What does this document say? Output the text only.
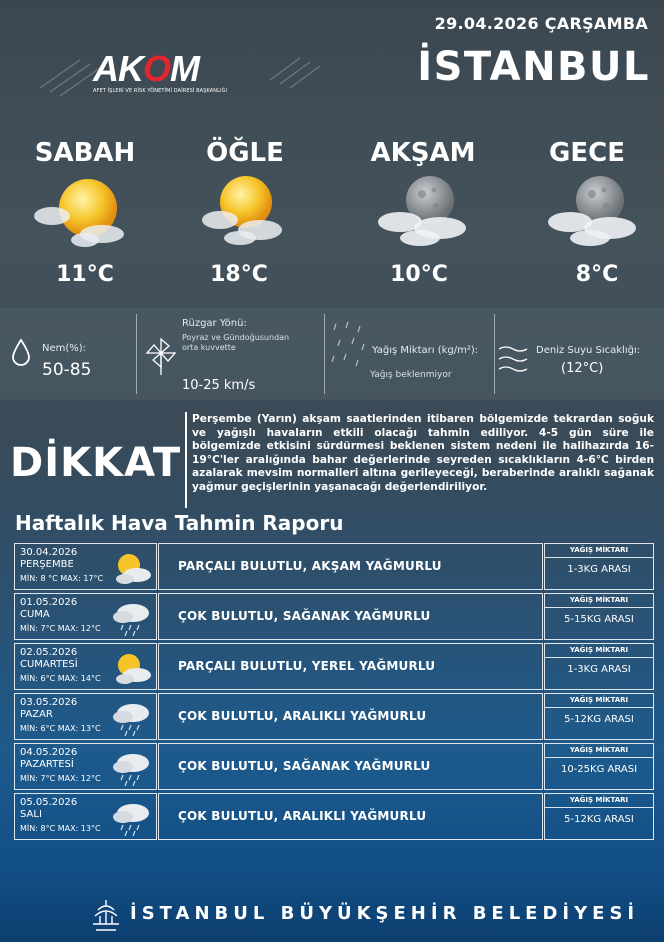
AKOM
AFET İŞLERİ VE RİSK YÖNETİMİ DAİRESİ BAŞKANLIĞI
29.04.2026 ÇARŞAMBA
İSTANBUL
SABAH	ÖĞLE	AKŞAM	GECE
11°C	18°C	10°C	8°C
Nem(%):
50-85
Rüzgar Yönü:
Poyraz ve Gündoğusundan
orta kuvvette
10-25 km/s
Yağış Miktarı (kg/m²):
Yağış beklenmiyor
Deniz Suyu Sıcaklığı:
(12°C)
DİKKAT
Perşembe (Yarın) akşam saatlerinden itibaren bölgemizde tekrardan soğuk ve yağışlı havaların etkili olacağı tahmin ediliyor. 4-5 gün süre ile bölgemizde etkisini sürdürmesi beklenen sistem nedeni ile halihazırda 16-19°C'ler aralığında bahar değerlerinde seyreden sıcaklıkların 4-6°C birden azalarak mevsim normalleri altına gerileyeceği, beraberinde aralıklı sağanak yağmur geçişlerinin yaşanacağı değerlendiriliyor.
Haftalık Hava Tahmin Raporu
30.04.2026
PERŞEMBE
MİN: 8 °C MAX: 17°C
PARÇALI BULUTLU, AKŞAM YAĞMURLU
YAĞIŞ MİKTARI
1-3KG ARASI
01.05.2026
CUMA
MİN: 7°C MAX: 12°C
ÇOK BULUTLU, SAĞANAK YAĞMURLU
YAĞIŞ MİKTARI
5-15KG ARASI
02.05.2026
CUMARTESİ
MİN: 6°C MAX: 14°C
PARÇALI BULUTLU, YEREL YAĞMURLU
YAĞIŞ MİKTARI
1-3KG ARASI
03.05.2026
PAZAR
MİN: 6°C MAX: 13°C
ÇOK BULUTLU, ARALIKLI YAĞMURLU
YAĞIŞ MİKTARI
5-12KG ARASI
04.05.2026
PAZARTESİ
MİN: 7°C MAX: 12°C
ÇOK BULUTLU, SAĞANAK YAĞMURLU
YAĞIŞ MİKTARI
10-25KG ARASI
05.05.2026
SALI
MİN: 8°C MAX: 13°C
ÇOK BULUTLU, ARALIKLI YAĞMURLU
YAĞIŞ MİKTARI
5-12KG ARASI
İSTANBUL BÜYÜKŞEHİR BELEDİYESİ
